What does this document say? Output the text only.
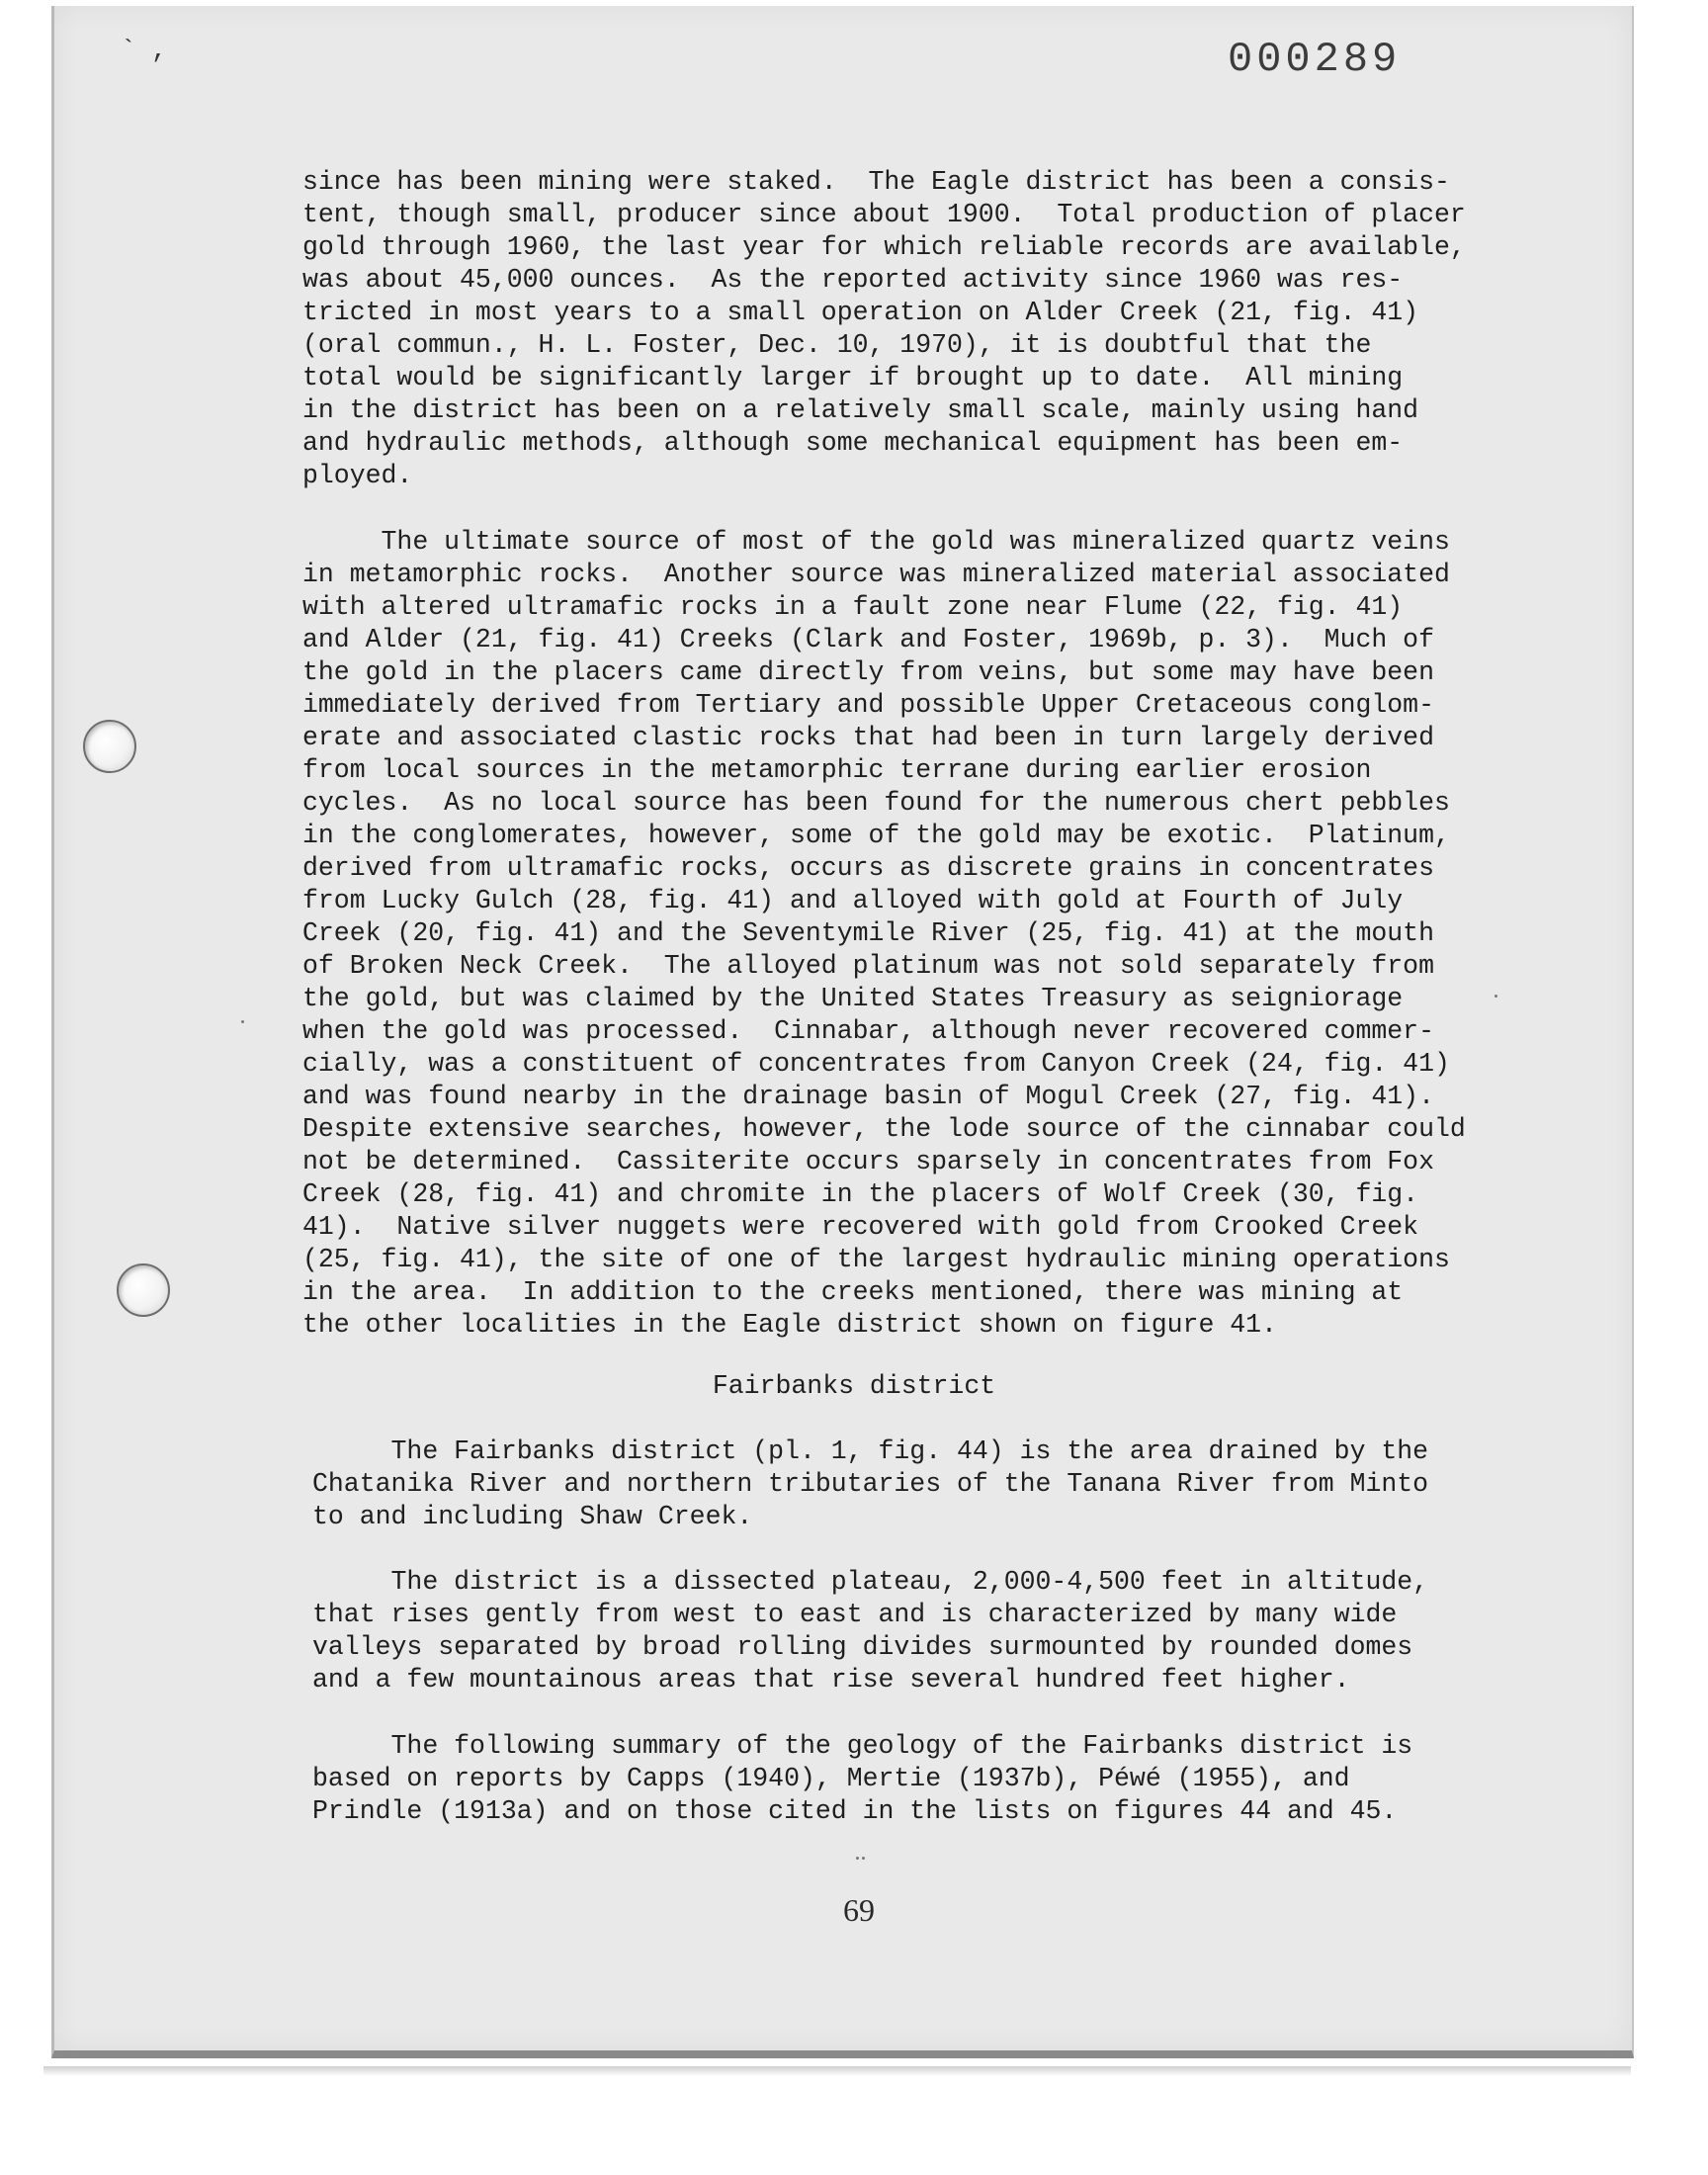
` ,	000289

since has been mining were staked.  The Eagle district has been a consis-
tent, though small, producer since about 1900.  Total production of placer
gold through 1960, the last year for which reliable records are available,
was about 45,000 ounces.  As the reported activity since 1960 was res-
tricted in most years to a small operation on Alder Creek (21, fig. 41)
(oral commun., H. L. Foster, Dec. 10, 1970), it is doubtful that the
total would be significantly larger if brought up to date.  All mining
in the district has been on a relatively small scale, mainly using hand
and hydraulic methods, although some mechanical equipment has been em-
ployed.

The ultimate source of most of the gold was mineralized quartz veins
in metamorphic rocks.  Another source was mineralized material associated
with altered ultramafic rocks in a fault zone near Flume (22, fig. 41)
and Alder (21, fig. 41) Creeks (Clark and Foster, 1969b, p. 3).  Much of
the gold in the placers came directly from veins, but some may have been
immediately derived from Tertiary and possible Upper Cretaceous conglom-
erate and associated clastic rocks that had been in turn largely derived
from local sources in the metamorphic terrane during earlier erosion
cycles.  As no local source has been found for the numerous chert pebbles
in the conglomerates, however, some of the gold may be exotic.  Platinum,
derived from ultramafic rocks, occurs as discrete grains in concentrates
from Lucky Gulch (28, fig. 41) and alloyed with gold at Fourth of July
Creek (20, fig. 41) and the Seventymile River (25, fig. 41) at the mouth
of Broken Neck Creek.  The alloyed platinum was not sold separately from
the gold, but was claimed by the United States Treasury as seigniorage
when the gold was processed.  Cinnabar, although never recovered commer-
cially, was a constituent of concentrates from Canyon Creek (24, fig. 41)
and was found nearby in the drainage basin of Mogul Creek (27, fig. 41).
Despite extensive searches, however, the lode source of the cinnabar could
not be determined.  Cassiterite occurs sparsely in concentrates from Fox
Creek (28, fig. 41) and chromite in the placers of Wolf Creek (30, fig.
41).  Native silver nuggets were recovered with gold from Crooked Creek
(25, fig. 41), the site of one of the largest hydraulic mining operations
in the area.  In addition to the creeks mentioned, there was mining at
the other localities in the Eagle district shown on figure 41.

Fairbanks district

The Fairbanks district (pl. 1, fig. 44) is the area drained by the
Chatanika River and northern tributaries of the Tanana River from Minto
to and including Shaw Creek.

The district is a dissected plateau, 2,000-4,500 feet in altitude,
that rises gently from west to east and is characterized by many wide
valleys separated by broad rolling divides surmounted by rounded domes
and a few mountainous areas that rise several hundred feet higher.

The following summary of the geology of the Fairbanks district is
based on reports by Capps (1940), Mertie (1937b), Péwé (1955), and
Prindle (1913a) and on those cited in the lists on figures 44 and 45.

69
